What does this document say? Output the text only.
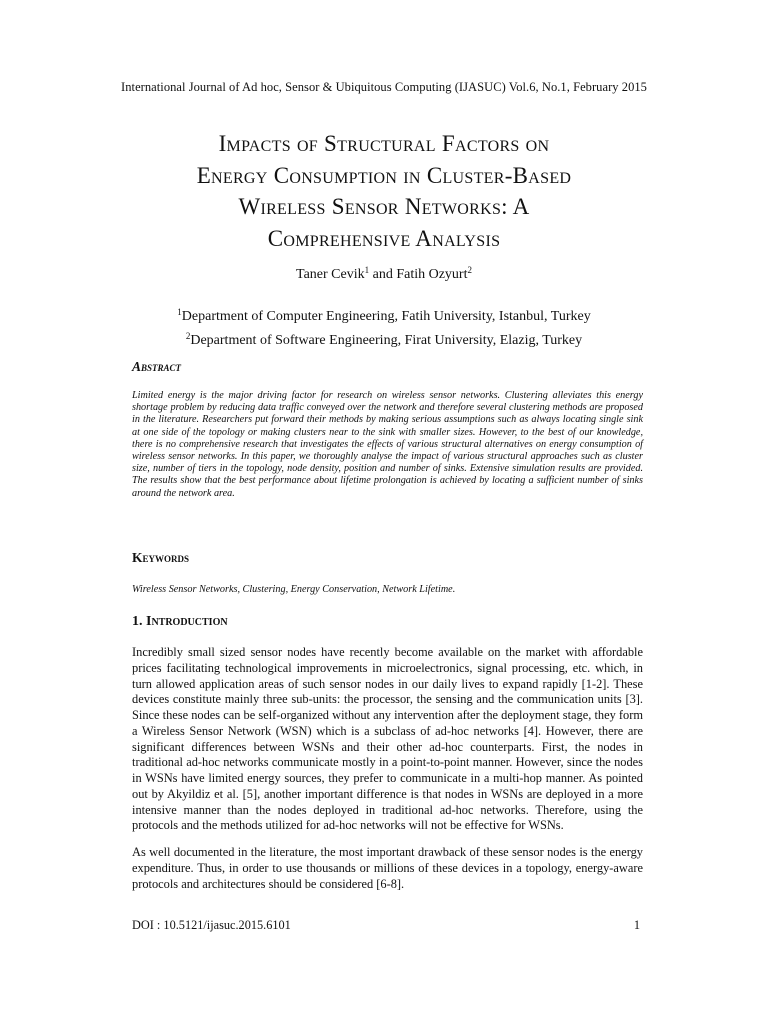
International Journal of Ad hoc, Sensor & Ubiquitous Computing (IJASUC) Vol.6, No.1, February 2015
Impacts of Structural Factors on
Energy Consumption in Cluster-Based
Wireless Sensor Networks: A
Comprehensive Analysis
Taner Cevik$^1$ and Fatih Ozyurt$^2$
$^1$Department of Computer Engineering, Fatih University, Istanbul, Turkey
$^2$Department of Software Engineering, Firat University, Elazig, Turkey
Abstract
Limited energy is the major driving factor for research on wireless sensor networks. Clustering alleviates this energy shortage problem by reducing data traffic conveyed over the network and therefore several clustering methods are proposed in the literature. Researchers put forward their methods by making serious assumptions such as always locating single sink at one side of the topology or making clusters near to the sink with smaller sizes. However, to the best of our knowledge, there is no comprehensive research that investigates the effects of various structural alternatives on energy consumption of wireless sensor networks. In this paper, we thoroughly analyse the impact of various structural approaches such as cluster size, number of tiers in the topology, node density, position and number of sinks. Extensive simulation results are provided. The results show that the best performance about lifetime prolongation is achieved by locating a sufficient number of sinks around the network area.
Keywords
Wireless Sensor Networks, Clustering, Energy Conservation, Network Lifetime.
1. Introduction
Incredibly small sized sensor nodes have recently become available on the market with affordable prices facilitating technological improvements in microelectronics, signal processing, etc. which, in turn allowed application areas of such sensor nodes in our daily lives to expand rapidly [1-2]. These devices constitute mainly three sub-units: the processor, the sensing and the communication units [3]. Since these nodes can be self-organized without any intervention after the deployment stage, they form a Wireless Sensor Network (WSN) which is a subclass of ad-hoc networks [4]. However, there are significant differences between WSNs and their other ad-hoc counterparts. First, the nodes in traditional ad-hoc networks communicate mostly in a point-to-point manner. However, since the nodes in WSNs have limited energy sources, they prefer to communicate in a multi-hop manner. As pointed out by Akyildiz et al. [5], another important difference is that nodes in WSNs are deployed in a more intensive manner than the nodes deployed in traditional ad-hoc networks. Therefore, using the protocols and the methods utilized for ad-hoc networks will not be effective for WSNs.
As well documented in the literature, the most important drawback of these sensor nodes is the energy expenditure. Thus, in order to use thousands or millions of these devices in a topology, energy-aware protocols and architectures should be considered [6-8].
DOI : 10.5121/ijasuc.2015.6101	1
